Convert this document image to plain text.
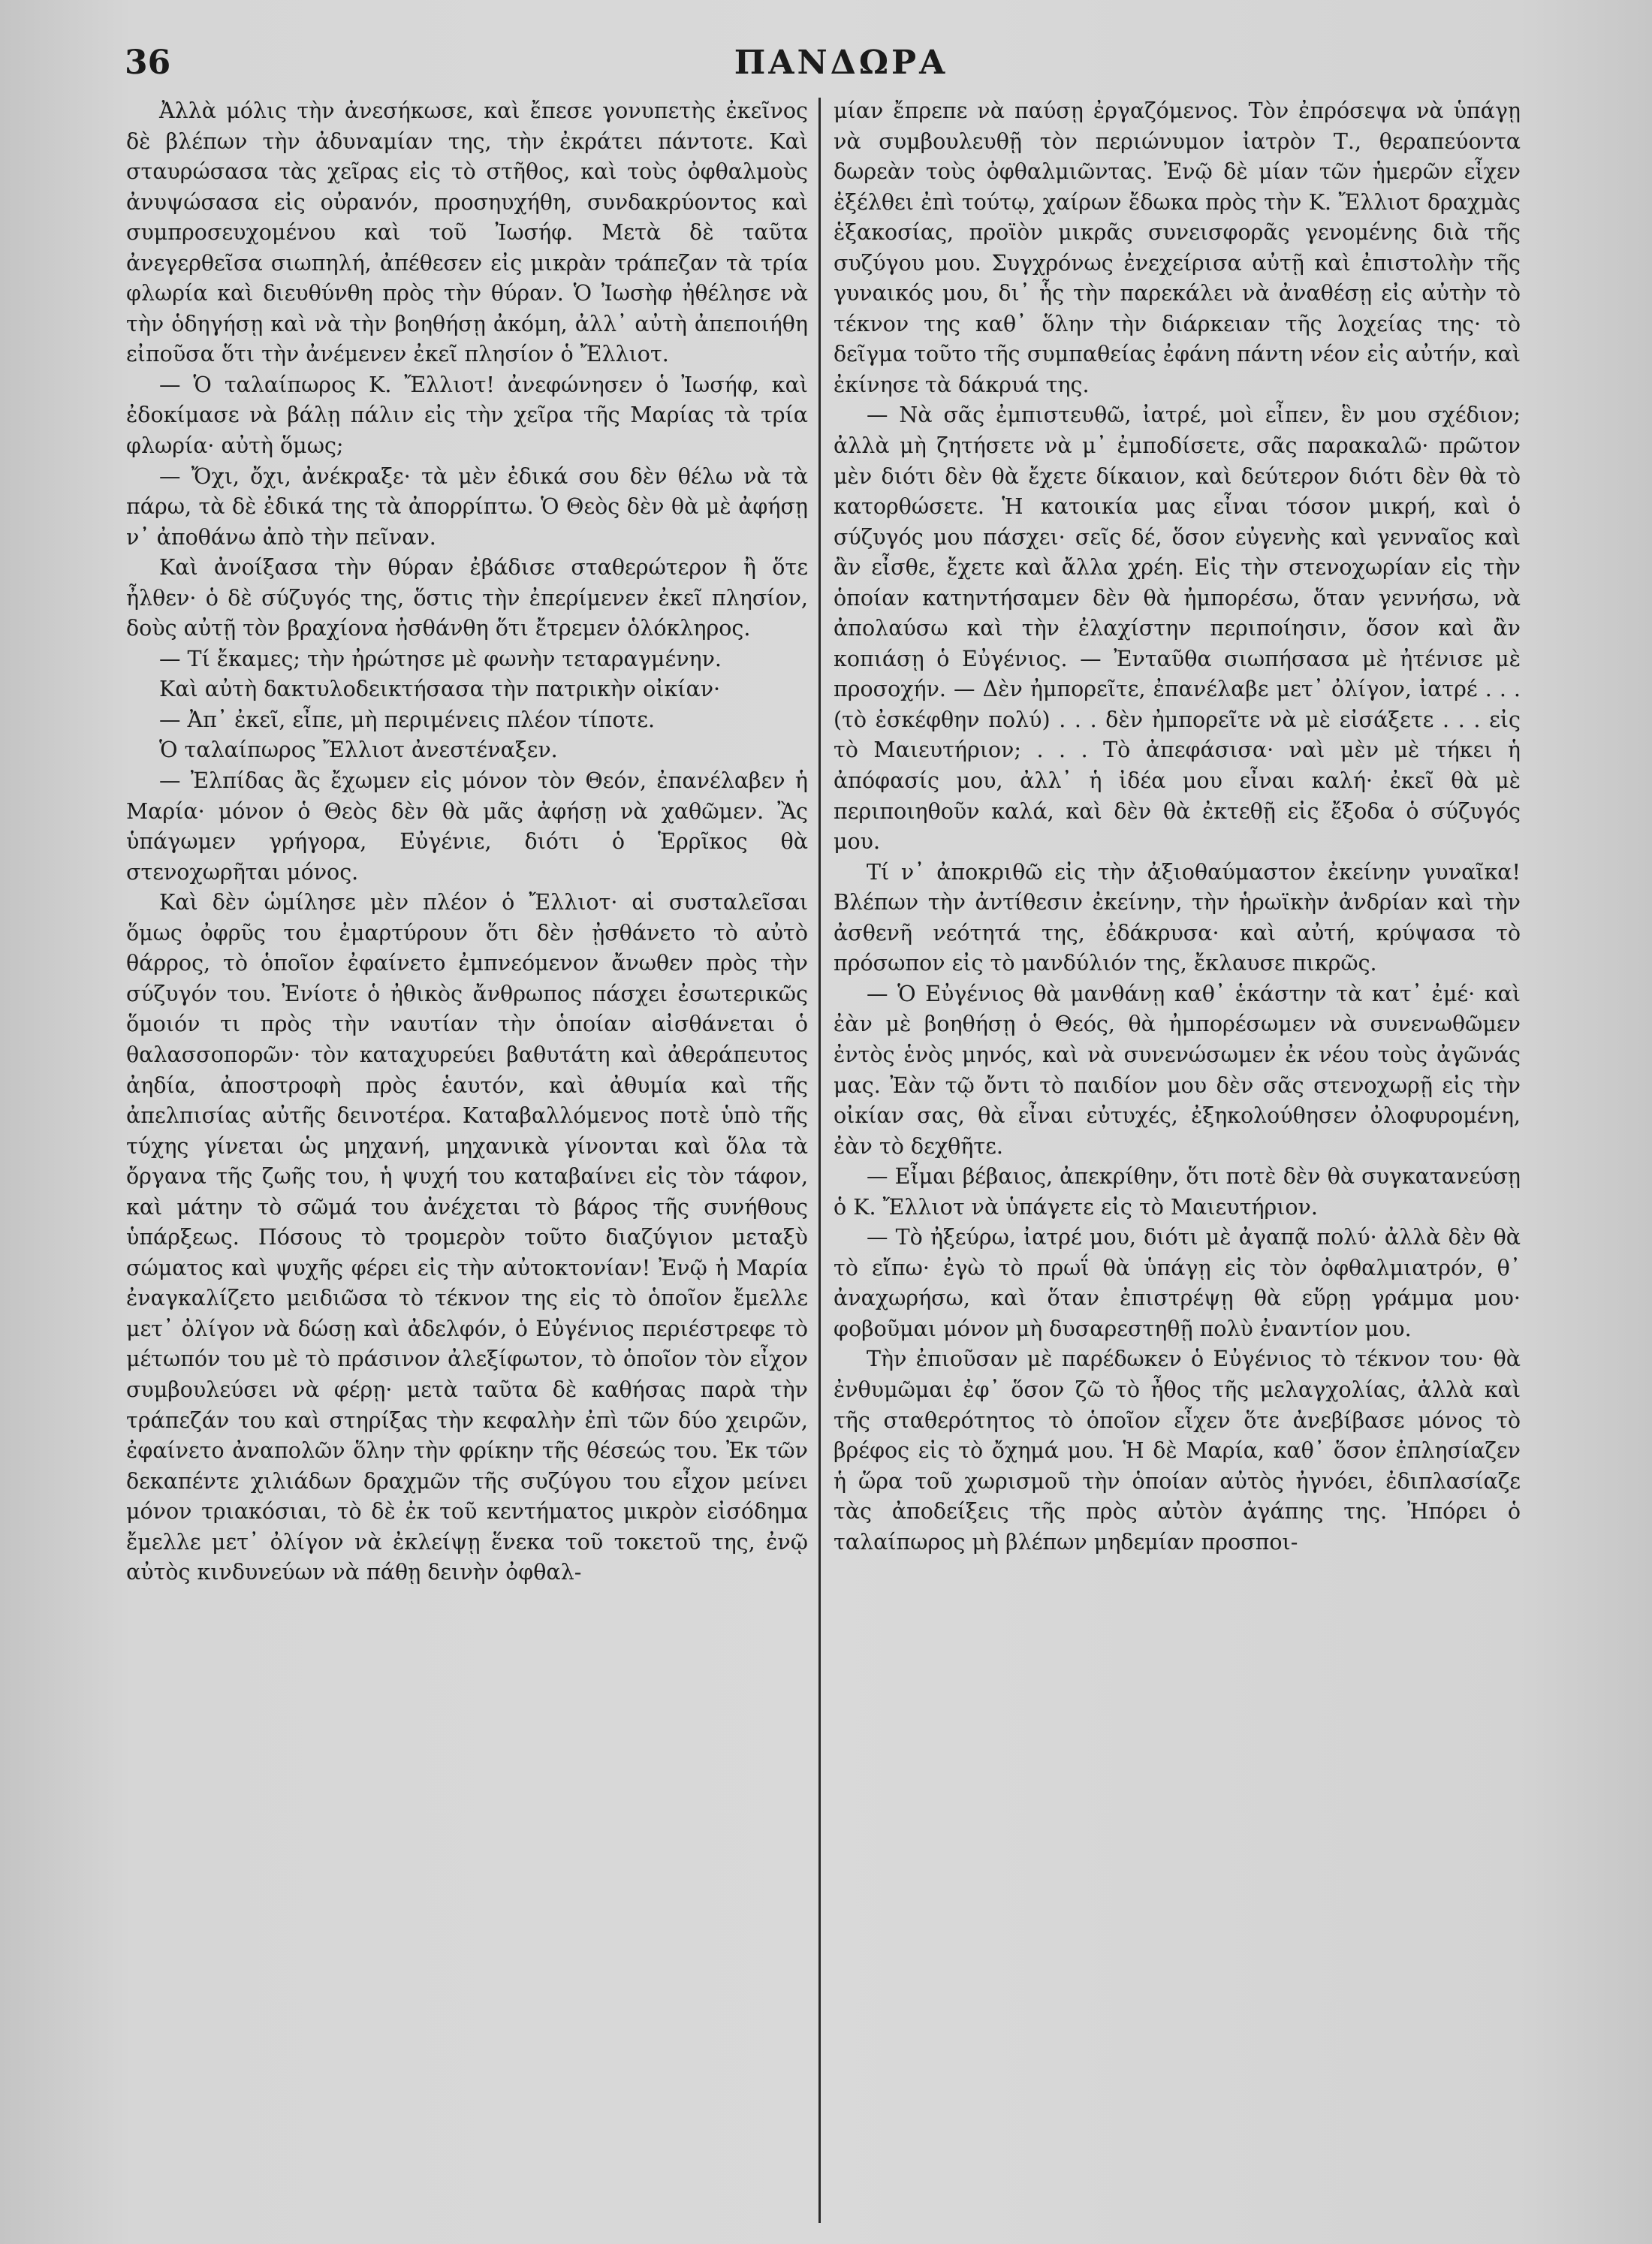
36	ΠΑΝΔΩΡΑ

Ἀλλὰ μόλις τὴν ἀνεσήκωσε, καὶ ἔπεσε γονυπετὴς ἐκεῖνος δὲ βλέπων τὴν ἀδυναμίαν της, τὴν ἐκράτει πάντοτε. Καὶ σταυρώσασα τὰς χεῖρας εἰς τὸ στῆθος, καὶ τοὺς ὀφθαλμοὺς ἀνυψώσασα εἰς οὐρανόν, προσηυχήθη, συνδακρύοντος καὶ συμπροσευχομένου καὶ τοῦ Ἰωσήφ. Μετὰ δὲ ταῦτα ἀνεγερθεῖσα σιωπηλή, ἀπέθεσεν εἰς μικρὰν τράπεζαν τὰ τρία φλωρία καὶ διευθύνθη πρὸς τὴν θύραν. Ὁ Ἰωσὴφ ἠθέλησε νὰ τὴν ὁδηγήσῃ καὶ νὰ τὴν βοηθήσῃ ἀκόμη, ἀλλ᾽ αὐτὴ ἀπεποιήθη εἰποῦσα ὅτι τὴν ἀνέμενεν ἐκεῖ πλησίον ὁ Ἔλλιοτ.

— Ὁ ταλαίπωρος Κ. Ἔλλιοτ! ἀνεφώνησεν ὁ Ἰωσήφ, καὶ ἐδοκίμασε νὰ βάλῃ πάλιν εἰς τὴν χεῖρα τῆς Μαρίας τὰ τρία φλωρία· αὐτὴ ὅμως;

— Ὄχι, ὄχι, ἀνέκραξε· τὰ μὲν ἐδικά σου δὲν θέλω νὰ τὰ πάρω, τὰ δὲ ἐδικά της τὰ ἀπορρίπτω. Ὁ Θεὸς δὲν θὰ μὲ ἀφήσῃ ν᾽ ἀποθάνω ἀπὸ τὴν πεῖναν.

Καὶ ἀνοίξασα τὴν θύραν ἐβάδισε σταθερώτερον ἢ ὅτε ἦλθεν· ὁ δὲ σύζυγός της, ὅστις τὴν ἐπερίμενεν ἐκεῖ πλησίον, δοὺς αὐτῇ τὸν βραχίονα ἠσθάνθη ὅτι ἔτρεμεν ὁλόκληρος.

— Τί ἔκαμες; τὴν ἠρώτησε μὲ φωνὴν τεταραγμένην.

Καὶ αὐτὴ δακτυλοδεικτήσασα τὴν πατρικὴν οἰκίαν·

— Ἀπ᾽ ἐκεῖ, εἶπε, μὴ περιμένεις πλέον τίποτε.

Ὁ ταλαίπωρος Ἔλλιοτ ἀνεστέναξεν.

— Ἐλπίδας ἂς ἔχωμεν εἰς μόνον τὸν Θεόν, ἐπανέλαβεν ἡ Μαρία· μόνον ὁ Θεὸς δὲν θὰ μᾶς ἀφήσῃ νὰ χαθῶμεν. Ἂς ὑπάγωμεν γρήγορα, Εὐγένιε, διότι ὁ Ἑρρῖκος θὰ στενοχωρῆται μόνος.

Καὶ δὲν ὡμίλησε μὲν πλέον ὁ Ἔλλιοτ· αἱ συσταλεῖσαι ὅμως ὀφρῦς του ἐμαρτύρουν ὅτι δὲν ᾐσθάνετο τὸ αὐτὸ θάρρος, τὸ ὁποῖον ἐφαίνετο ἐμπνεόμενον ἄνωθεν πρὸς τὴν σύζυγόν του. Ἐνίοτε ὁ ἠθικὸς ἄνθρωπος πάσχει ἐσωτερικῶς ὅμοιόν τι πρὸς τὴν ναυτίαν τὴν ὁποίαν αἰσθάνεται ὁ θαλασσοπορῶν· τὸν καταχυρεύει βαθυτάτη καὶ ἀθεράπευτος ἀηδία, ἀποστροφὴ πρὸς ἑαυτόν, καὶ ἀθυμία καὶ τῆς ἀπελπισίας αὐτῆς δεινοτέρα. Καταβαλλόμενος ποτὲ ὑπὸ τῆς τύχης γίνεται ὡς μηχανή, μηχανικὰ γίνονται καὶ ὅλα τὰ ὄργανα τῆς ζωῆς του, ἡ ψυχή του καταβαίνει εἰς τὸν τάφον, καὶ μάτην τὸ σῶμά του ἀνέχεται τὸ βάρος τῆς συνήθους ὑπάρξεως. Πόσους τὸ τρομερὸν τοῦτο διαζύγιον μεταξὺ σώματος καὶ ψυχῆς φέρει εἰς τὴν αὐτοκτονίαν! Ἐνῷ ἡ Μαρία ἐναγκαλίζετο μειδιῶσα τὸ τέκνον της εἰς τὸ ὁποῖον ἔμελλε μετ᾽ ὀλίγον νὰ δώσῃ καὶ ἀδελφόν, ὁ Εὐγένιος περιέστρεφε τὸ μέτωπόν του μὲ τὸ πράσινον ἀλεξίφωτον, τὸ ὁποῖον τὸν εἶχον συμβουλεύσει νὰ φέρῃ· μετὰ ταῦτα δὲ καθήσας παρὰ τὴν τράπεζάν του καὶ στηρίξας τὴν κεφαλὴν ἐπὶ τῶν δύο χειρῶν, ἐφαίνετο ἀναπολῶν ὅλην τὴν φρίκην τῆς θέσεώς του. Ἐκ τῶν δεκαπέντε χιλιάδων δραχμῶν τῆς συζύγου του εἶχον μείνει μόνον τριακόσιαι, τὸ δὲ ἐκ τοῦ κεντήματος μικρὸν εἰσόδημα ἔμελλε μετ᾽ ὀλίγον νὰ ἐκλείψῃ ἕνεκα τοῦ τοκετοῦ της, ἐνῷ αὐτὸς κινδυνεύων νὰ πάθῃ δεινὴν ὀφθαλ-

μίαν ἔπρεπε νὰ παύσῃ ἐργαζόμενος. Τὸν ἐπρόσεψα νὰ ὑπάγῃ νὰ συμβουλευθῇ τὸν περιώνυμον ἰατρὸν Τ., θεραπεύοντα δωρεὰν τοὺς ὀφθαλμιῶντας. Ἐνῷ δὲ μίαν τῶν ἡμερῶν εἶχεν ἐξέλθει ἐπὶ τούτῳ, χαίρων ἔδωκα πρὸς τὴν Κ. Ἔλλιοτ δραχμὰς ἑξακοσίας, προϊὸν μικρᾶς συνεισφορᾶς γενομένης διὰ τῆς συζύγου μου. Συγχρόνως ἐνεχείρισα αὐτῇ καὶ ἐπιστολὴν τῆς γυναικός μου, δι᾽ ἧς τὴν παρεκάλει νὰ ἀναθέσῃ εἰς αὐτὴν τὸ τέκνον της καθ᾽ ὅλην τὴν διάρκειαν τῆς λοχείας της· τὸ δεῖγμα τοῦτο τῆς συμπαθείας ἐφάνη πάντη νέον εἰς αὐτήν, καὶ ἐκίνησε τὰ δάκρυά της.

— Νὰ σᾶς ἐμπιστευθῶ, ἰατρέ, μοὶ εἶπεν, ἓν μου σχέδιον; ἀλλὰ μὴ ζητήσετε νὰ μ᾽ ἐμποδίσετε, σᾶς παρακαλῶ· πρῶτον μὲν διότι δὲν θὰ ἔχετε δίκαιον, καὶ δεύτερον διότι δὲν θὰ τὸ κατορθώσετε. Ἡ κατοικία μας εἶναι τόσον μικρή, καὶ ὁ σύζυγός μου πάσχει· σεῖς δέ, ὅσον εὐγενὴς καὶ γενναῖος καὶ ἂν εἶσθε, ἔχετε καὶ ἄλλα χρέη. Εἰς τὴν στενοχωρίαν εἰς τὴν ὁποίαν κατηντήσαμεν δὲν θὰ ἠμπορέσω, ὅταν γεννήσω, νὰ ἀπολαύσω καὶ τὴν ἐλαχίστην περιποίησιν, ὅσον καὶ ἂν κοπιάσῃ ὁ Εὐγένιος. — Ἐνταῦθα σιωπήσασα μὲ ἠτένισε μὲ προσοχήν. — Δὲν ἠμπορεῖτε, ἐπανέλαβε μετ᾽ ὀλίγον, ἰατρέ . . . (τὸ ἐσκέφθην πολύ) . . . δὲν ἠμπορεῖτε νὰ μὲ εἰσάξετε . . . εἰς τὸ Μαιευτήριον; . . . Τὸ ἀπεφάσισα· ναὶ μὲν μὲ τήκει ἡ ἀπόφασίς μου, ἀλλ᾽ ἡ ἰδέα μου εἶναι καλή· ἐκεῖ θὰ μὲ περιποιηθοῦν καλά, καὶ δὲν θὰ ἐκτεθῇ εἰς ἔξοδα ὁ σύζυγός μου.

Τί ν᾽ ἀποκριθῶ εἰς τὴν ἀξιοθαύμαστον ἐκείνην γυναῖκα! Βλέπων τὴν ἀντίθεσιν ἐκείνην, τὴν ἡρωϊκὴν ἀνδρίαν καὶ τὴν ἀσθενῆ νεότητά της, ἐδάκρυσα· καὶ αὐτή, κρύψασα τὸ πρόσωπον εἰς τὸ μανδύλιόν της, ἔκλαυσε πικρῶς.

— Ὁ Εὐγένιος θὰ μανθάνῃ καθ᾽ ἑκάστην τὰ κατ᾽ ἐμέ· καὶ ἐὰν μὲ βοηθήσῃ ὁ Θεός, θὰ ἠμπορέσωμεν νὰ συνενωθῶμεν ἐντὸς ἑνὸς μηνός, καὶ νὰ συνενώσωμεν ἐκ νέου τοὺς ἀγῶνάς μας. Ἐὰν τῷ ὄντι τὸ παιδίον μου δὲν σᾶς στενοχωρῇ εἰς τὴν οἰκίαν σας, θὰ εἶναι εὐτυχές, ἐξηκολούθησεν ὀλοφυρομένη, ἐὰν τὸ δεχθῆτε.

— Εἶμαι βέβαιος, ἀπεκρίθην, ὅτι ποτὲ δὲν θὰ συγκατανεύσῃ ὁ Κ. Ἔλλιοτ νὰ ὑπάγετε εἰς τὸ Μαιευτήριον.

— Τὸ ἠξεύρω, ἰατρέ μου, διότι μὲ ἀγαπᾷ πολύ· ἀλλὰ δὲν θὰ τὸ εἴπω· ἐγὼ τὸ πρωΐ θὰ ὑπάγῃ εἰς τὸν ὀφθαλμιατρόν, θ᾽ ἀναχωρήσω, καὶ ὅταν ἐπιστρέψῃ θὰ εὕρῃ γράμμα μου· φοβοῦμαι μόνον μὴ δυσαρεστηθῇ πολὺ ἐναντίον μου.

Τὴν ἐπιοῦσαν μὲ παρέδωκεν ὁ Εὐγένιος τὸ τέκνον του· θὰ ἐνθυμῶμαι ἐφ᾽ ὅσον ζῶ τὸ ἦθος τῆς μελαγχολίας, ἀλλὰ καὶ τῆς σταθερότητος τὸ ὁποῖον εἶχεν ὅτε ἀνεβίβασε μόνος τὸ βρέφος εἰς τὸ ὄχημά μου. Ἡ δὲ Μαρία, καθ᾽ ὅσον ἐπλησίαζεν ἡ ὥρα τοῦ χωρισμοῦ τὴν ὁποίαν αὐτὸς ἠγνόει, ἐδιπλασίαζε τὰς ἀποδείξεις τῆς πρὸς αὐτὸν ἀγάπης της. Ἠπόρει ὁ ταλαίπωρος μὴ βλέπων μηδεμίαν προσποι-
